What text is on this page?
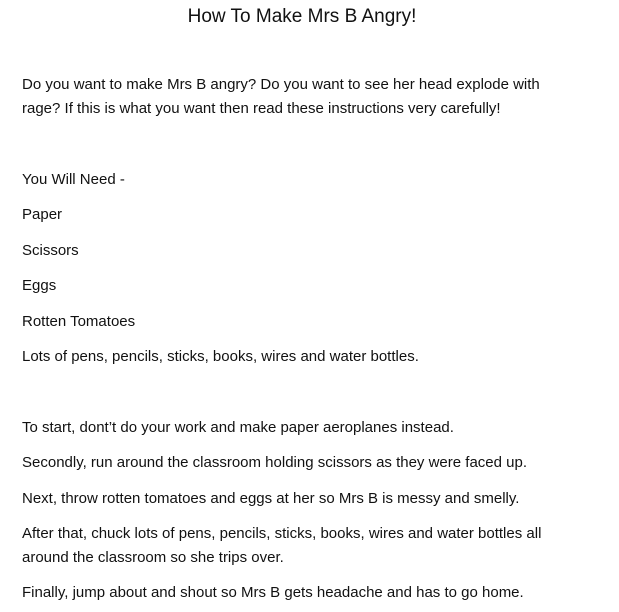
How To Make Mrs B Angry!
Do you want to make Mrs B angry? Do you want to see her head explode with
rage? If this is what you want then read these instructions very carefully!
You Will Need -
Paper
Scissors
Eggs
Rotten Tomatoes
Lots of pens, pencils, sticks, books, wires and water bottles.
To start, dont’t do your work and make paper aeroplanes instead.
Secondly, run around the classroom holding scissors as they were faced up.
Next, throw rotten tomatoes and eggs at her so Mrs B is messy and smelly.
After that, chuck lots of pens, pencils, sticks, books, wires and water bottles all
around the classroom so she trips over.
Finally, jump about and shout so Mrs B gets headache and has to go home.
